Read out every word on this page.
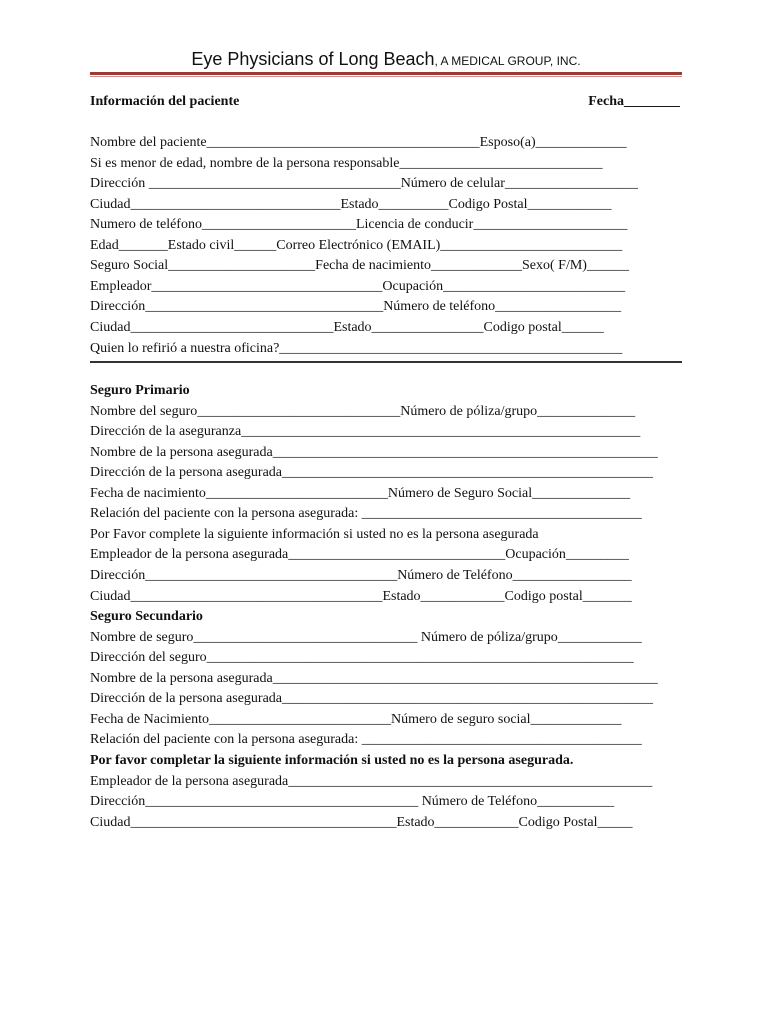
Eye Physicians of Long Beach, A MEDICAL GROUP, INC.
Información del paciente	Fecha________
Nombre del paciente_______________________________________Esposo(a)_____________
Si es menor de edad, nombre de la persona responsable_____________________________
Dirección ____________________________________Número de celular___________________
Ciudad______________________________Estado__________Codigo Postal____________
Numero de teléfono______________________Licencia de conducir______________________
Edad_______Estado civil______Correo Electrónico (EMAIL)__________________________
Seguro Social_____________________Fecha de nacimiento_____________Sexo( F/M)______
Empleador_________________________________Ocupación__________________________
Dirección__________________________________Número de teléfono__________________
Ciudad_____________________________Estado________________Codigo postal______
Quien lo refirió a nuestra oficina?_________________________________________________
Seguro Primario
Nombre del seguro_____________________________Número de póliza/grupo______________
Dirección de la aseguranza_________________________________________________________
Nombre de la persona asegurada_______________________________________________________
Dirección de la persona asegurada_____________________________________________________
Fecha de nacimiento__________________________Número de Seguro Social______________
Relación del paciente con la persona asegurada: ________________________________________
Por Favor complete la siguiente información si usted no es la persona asegurada
Empleador de la persona asegurada_______________________________Ocupación_________
Dirección____________________________________Número de Teléfono_________________
Ciudad____________________________________Estado____________Codigo postal_______
Seguro Secundario
Nombre de seguro________________________________ Número de póliza/grupo____________
Dirección del seguro_____________________________________________________________
Nombre de la persona asegurada_______________________________________________________
Dirección de la persona asegurada_____________________________________________________
Fecha de Nacimiento__________________________Número de seguro social_____________
Relación del paciente con la persona asegurada: ________________________________________
Por favor completar la siguiente información si usted no es la persona asegurada.
Empleador de la persona asegurada____________________________________________________
Dirección_______________________________________ Número de Teléfono___________
Ciudad______________________________________Estado____________Codigo Postal_____
